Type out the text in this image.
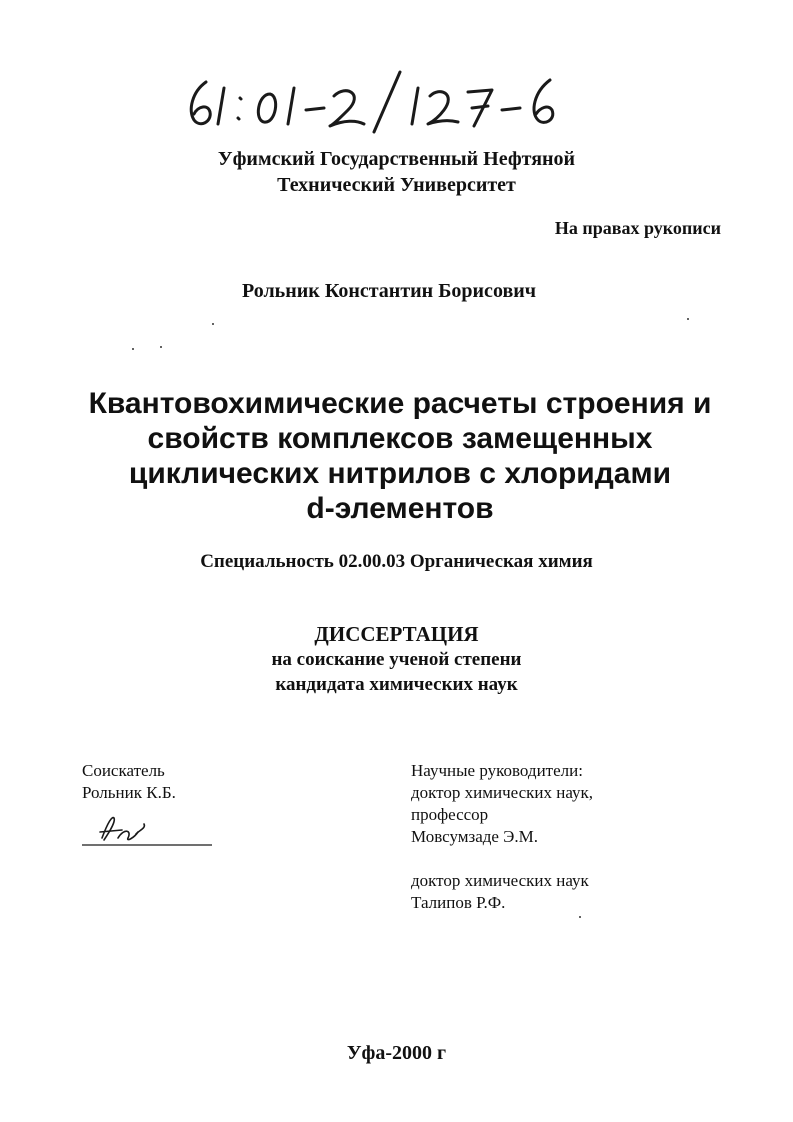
Уфимский Государственный Нефтяной
Технический Университет
На правах рукописи
Рольник Константин Борисович
Квантовохимические расчеты строения и
свойств комплексов замещенных
циклических нитрилов с хлоридами
d-элементов
Специальность 02.00.03 Органическая химия
ДИССЕРТАЦИЯ
на соискание ученой степени
кандидата химических наук
Соискатель
Рольник К.Б.
Научные руководители:
доктор химических наук,
профессор
Мовсумзаде Э.М.
доктор химических наук
Талипов Р.Ф.
Уфа-2000 г
